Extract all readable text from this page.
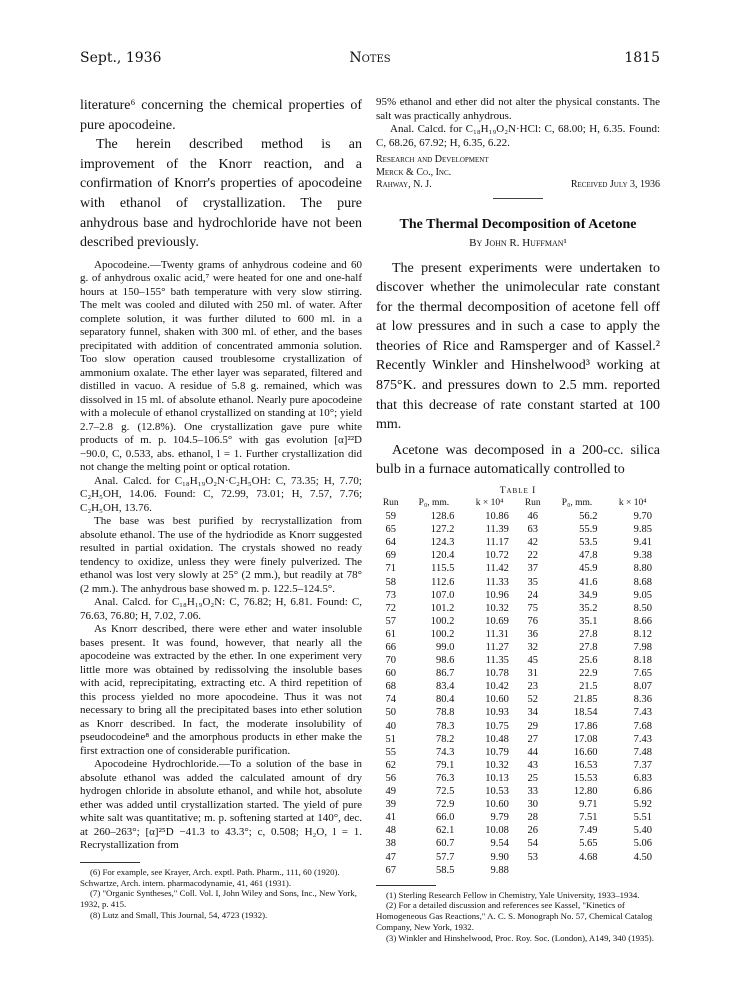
Sept., 1936	Notes	1815

literature⁶ concerning the chemical properties of pure apocodeine.

The herein described method is an improvement of the Knorr reaction, and a confirmation of Knorr's properties of apocodeine with ethanol of crystallization. The pure anhydrous base and hydrochloride have not been described previously.

Apocodeine.—Twenty grams of anhydrous codeine and 60 g. of anhydrous oxalic acid,⁷ were heated for one and one-half hours at 150–155° bath temperature with very slow stirring. The melt was cooled and diluted with 250 ml. of water. After complete solution, it was further diluted to 600 ml. in a separatory funnel, shaken with 300 ml. of ether, and the bases precipitated with addition of concentrated ammonia solution. Too slow operation caused troublesome crystallization of ammonium oxalate. The ether layer was separated, filtered and distilled in vacuo. A residue of 5.8 g. remained, which was dissolved in 15 ml. of absolute ethanol. Nearly pure apocodeine with a molecule of ethanol crystallized on standing at 10°; yield 2.7–2.8 g. (12.8%). One crystallization gave pure white products of m. p. 104.5–106.5° with gas evolution [α]²²D −90.0, C, 0.533, abs. ethanol, l = 1. Further crystallization did not change the melting point or optical rotation.

Anal. Calcd. for C₁₈H₁₉O₂N·C₂H₅OH: C, 73.35; H, 7.70; C₂H₅OH, 14.06. Found: C, 72.99, 73.01; H, 7.57, 7.76; C₂H₅OH, 13.76.

The base was best purified by recrystallization from absolute ethanol. The use of the hydriodide as Knorr suggested resulted in partial oxidation. The crystals showed no ready tendency to oxidize, unless they were finely pulverized. The ethanol was lost very slowly at 25° (2 mm.), but readily at 78° (2 mm.). The anhydrous base showed m. p. 122.5–124.5°.

Anal. Calcd. for C₁₈H₁₉O₂N: C, 76.82; H, 6.81. Found: C, 76.63, 76.80; H, 7.02, 7.06.

As Knorr described, there were ether and water insoluble bases present. It was found, however, that nearly all the apocodeine was extracted by the ether. In one experiment very little more was obtained by redissolving the insoluble bases with acid, reprecipitating, extracting etc. A third repetition of this process yielded no more apocodeine. Thus it was not necessary to bring all the precipitated bases into ether solution as Knorr described. In fact, the moderate insolubility of pseudocodeine⁸ and the amorphous products in ether make the first extraction one of considerable purification.

Apocodeine Hydrochloride.—To a solution of the base in absolute ethanol was added the calculated amount of dry hydrogen chloride in absolute ethanol, and while hot, absolute ether was added until crystallization started. The yield of pure white salt was quantitative; m. p. softening started at 140°, dec. at 260–263°; [α]²⁵D −41.3 to 43.3°; c, 0.508; H₂O, l = 1. Recrystallization from

(6) For example, see Krayer, Arch. exptl. Path. Pharm., 111, 60 (1920). Schwartze, Arch. intern. pharmacodynamie, 41, 461 (1931).

(7) "Organic Syntheses," Coll. Vol. I, John Wiley and Sons, Inc., New York, 1932, p. 415.

(8) Lutz and Small, This Journal, 54, 4723 (1932).

95% ethanol and ether did not alter the physical constants. The salt was practically anhydrous.

Anal. Calcd. for C₁₈H₁₉O₂N·HCl: C, 68.00; H, 6.35. Found: C, 68.26, 67.92; H, 6.35, 6.22.

Research and Development

Merck & Co., Inc.

Rahway, N. J.	Received July 3, 1936

The Thermal Decomposition of Acetone
By John R. Huffman¹

The present experiments were undertaken to discover whether the unimolecular rate constant for the thermal decomposition of acetone fell off at low pressures and in such a case to apply the theories of Rice and Ramsperger and of Kassel.² Recently Winkler and Hinshelwood³ working at 875°K. and pressures down to 2.5 mm. reported that this decrease of rate constant started at 100 mm.

Acetone was decomposed in a 200-cc. silica bulb in a furnace automatically controlled to

Table I
Run	P₀, mm.	k × 10⁴	Run	P₀, mm.	k × 10⁴
59	128.6	10.86	46	56.2	9.70
65	127.2	11.39	63	55.9	9.85
64	124.3	11.17	42	53.5	9.41
69	120.4	10.72	22	47.8	9.38
71	115.5	11.42	37	45.9	8.80
58	112.6	11.33	35	41.6	8.68
73	107.0	10.96	24	34.9	9.05
72	101.2	10.32	75	35.2	8.50
57	100.2	10.69	76	35.1	8.66
61	100.2	11.31	36	27.8	8.12
66	99.0	11.27	32	27.8	7.98
70	98.6	11.35	45	25.6	8.18
60	86.7	10.78	31	22.9	7.65
68	83.4	10.42	23	21.5	8.07
74	80.4	10.60	52	21.85	8.36
50	78.8	10.93	34	18.54	7.43
40	78.3	10.75	29	17.86	7.68
51	78.2	10.48	27	17.08	7.43
55	74.3	10.79	44	16.60	7.48
62	79.1	10.32	43	16.53	7.37
56	76.3	10.13	25	15.53	6.83
49	72.5	10.53	33	12.80	6.86
39	72.9	10.60	30	9.71	5.92
41	66.0	9.79	28	7.51	5.51
48	62.1	10.08	26	7.49	5.40
38	60.7	9.54	54	5.65	5.06
47	57.7	9.90	53	4.68	4.50
67	58.5	9.88			

(1) Sterling Research Fellow in Chemistry, Yale University, 1933–1934.

(2) For a detailed discussion and references see Kassel, "Kinetics of Homogeneous Gas Reactions," A. C. S. Monograph No. 57, Chemical Catalog Company, New York, 1932.

(3) Winkler and Hinshelwood, Proc. Roy. Soc. (London), A149, 340 (1935).
